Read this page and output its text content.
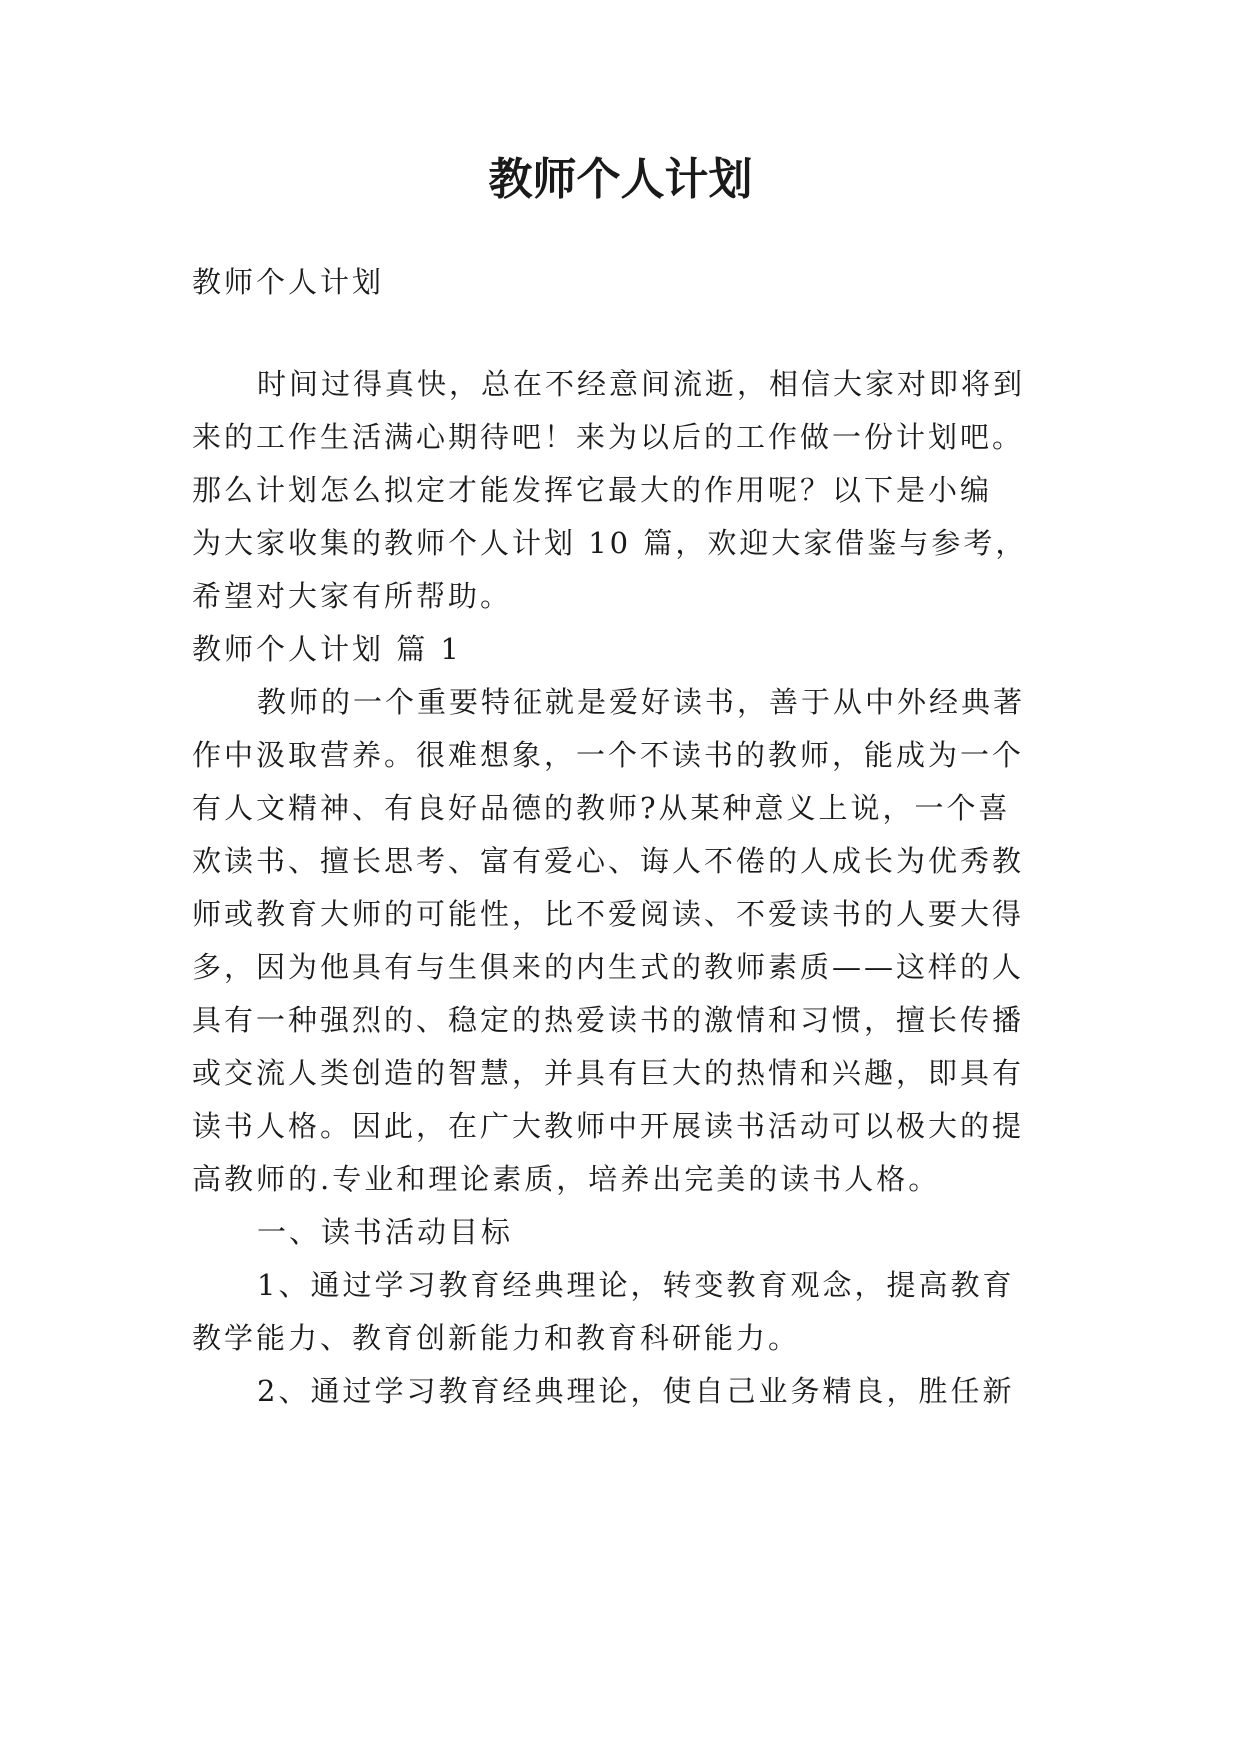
教师个人计划
教师个人计划
时间过得真快，总在不经意间流逝，相信大家对即将到
来的工作生活满心期待吧！来为以后的工作做一份计划吧。
那么计划怎么拟定才能发挥它最大的作用呢？以下是小编
为大家收集的教师个人计划 10 篇，欢迎大家借鉴与参考，
希望对大家有所帮助。
教师个人计划 篇 1
教师的一个重要特征就是爱好读书，善于从中外经典著
作中汲取营养。很难想象，一个不读书的教师，能成为一个
有人文精神、有良好品德的教师?从某种意义上说，一个喜
欢读书、擅长思考、富有爱心、诲人不倦的人成长为优秀教
师或教育大师的可能性，比不爱阅读、不爱读书的人要大得
多，因为他具有与生俱来的内生式的教师素质——这样的人
具有一种强烈的、稳定的热爱读书的激情和习惯，擅长传播
或交流人类创造的智慧，并具有巨大的热情和兴趣，即具有
读书人格。因此，在广大教师中开展读书活动可以极大的提
高教师的.专业和理论素质，培养出完美的读书人格。
一、读书活动目标
1、通过学习教育经典理论，转变教育观念，提高教育
教学能力、教育创新能力和教育科研能力。
2、通过学习教育经典理论，使自己业务精良，胜任新
